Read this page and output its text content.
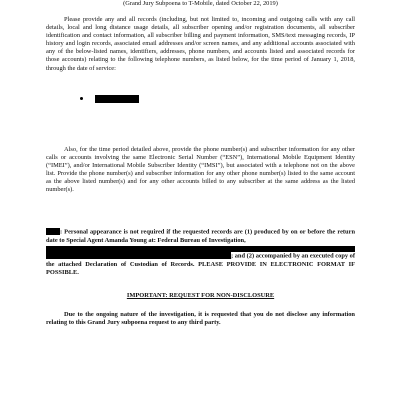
(Grand Jury Subpoena to T-Mobile, dated October 22, 2019)
Please provide any and all records (including, but not limited to, incoming and outgoing calls with any call details, local and long distance usage details, all subscriber opening and/or registration documents, all subscriber identification and contact information, all subscriber billing and payment information, SMS/text messaging records, IP history and login records, associated email addresses and/or screen names, and any additional accounts associated with any of the below-listed names, identifiers, addresses, phone numbers, and accounts listed and associated records for those accounts) relating to the following telephone numbers, as listed below, for the time period of January 1, 2018, through the date of service:
Also, for the time period detailed above, provide the phone number(s) and subscriber information for any other calls or accounts involving the same Electronic Serial Number (“ESN”), International Mobile Equipment Identity (“IMEI”), and/or International Mobile Subscriber Identity (“IMSI”), but associated with a telephone not on the above list. Provide the phone number(s) and subscriber information for any other phone number(s) listed to the same account as the above listed number(s) and for any other accounts billed to any subscriber at the same address as the listed number(s).
: Personal appearance is not required if the requested records are (1) produced by on or before the return date to Special Agent Amanda Young at: Federal Bureau of Investigation,
; and (2) accompanied by an executed copy of the attached Declaration of Custodian of Records. PLEASE PROVIDE IN ELECTRONIC FORMAT IF POSSIBLE.
IMPORTANT: REQUEST FOR NON-DISCLOSURE
Due to the ongoing nature of the investigation, it is requested that you do not disclose any information relating to this Grand Jury subpoena request to any third party.
